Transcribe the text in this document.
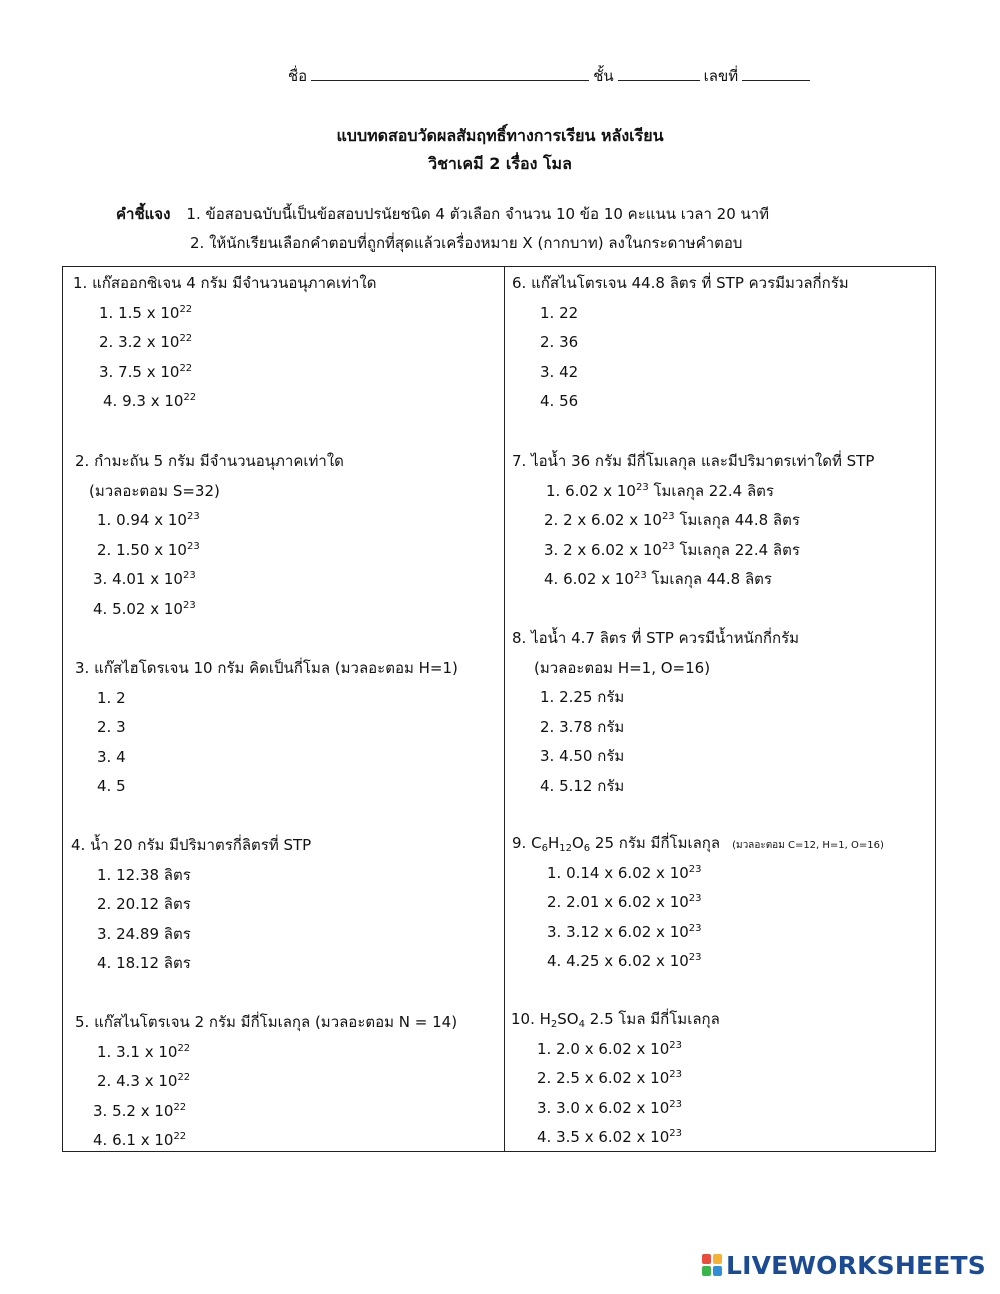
ชื่อ	ชั้น	เลขที่
แบบทดสอบวัดผลสัมฤทธิ์ทางการเรียน หลังเรียน
วิชาเคมี 2 เรื่อง โมล
คำชี้แจง 1. ข้อสอบฉบับนี้เป็นข้อสอบปรนัยชนิด 4 ตัวเลือก จำนวน 10 ข้อ 10 คะแนน เวลา 20 นาที
2. ให้นักเรียนเลือกคำตอบที่ถูกที่สุดแล้วเครื่องหมาย X (กากบาท) ลงในกระดาษคำตอบ
1. แก๊สออกซิเจน 4 กรัม มีจำนวนอนุภาคเท่าใด
1. 1.5 x $10^{22}$
2. 3.2 x $10^{22}$
3. 7.5 x $10^{22}$
4. 9.3 x $10^{22}$
2. กำมะถัน 5 กรัม มีจำนวนอนุภาคเท่าใด
(มวลอะตอม S=32)
1. 0.94 x $10^{23}$
2. 1.50 x $10^{23}$
3. 4.01 x $10^{23}$
4. 5.02 x $10^{23}$
3. แก๊สไฮโดรเจน 10 กรัม คิดเป็นกี่โมล (มวลอะตอม H=1)
1. 2
2. 3
3. 4
4. 5
4. น้ำ 20 กรัม มีปริมาตรกี่ลิตรที่ STP
1. 12.38 ลิตร
2. 20.12 ลิตร
3. 24.89 ลิตร
4. 18.12 ลิตร
5. แก๊สไนโตรเจน 2 กรัม มีกี่โมเลกุล (มวลอะตอม N = 14)
1. 3.1 x $10^{22}$
2. 4.3 x $10^{22}$
3. 5.2 x $10^{22}$
4. 6.1 x $10^{22}$
6. แก๊สไนโตรเจน 44.8 ลิตร ที่ STP ควรมีมวลกี่กรัม
1. 22
2. 36
3. 42
4. 56
7. ไอน้ำ 36 กรัม มีกี่โมเลกุล และมีปริมาตรเท่าใดที่ STP
1. 6.02 x $10^{23}$ โมเลกุล 22.4 ลิตร
2. 2 x 6.02 x $10^{23}$ โมเลกุล 44.8 ลิตร
3. 2 x 6.02 x $10^{23}$ โมเลกุล 22.4 ลิตร
4. 6.02 x $10^{23}$ โมเลกุล 44.8 ลิตร
8. ไอน้ำ 4.7 ลิตร ที่ STP ควรมีน้ำหนักกี่กรัม
(มวลอะตอม H=1, O=16)
1. 2.25 กรัม
2. 3.78 กรัม
3. 4.50 กรัม
4. 5.12 กรัม
9. $C_6H_{12}O_6$ 25 กรัม มีกี่โมเลกุล (มวลอะตอม C=12, H=1, O=16)
1. 0.14 x 6.02 x $10^{23}$
2. 2.01 x 6.02 x $10^{23}$
3. 3.12 x 6.02 x $10^{23}$
4. 4.25 x 6.02 x $10^{23}$
10. $H_2SO_4$ 2.5 โมล มีกี่โมเลกุล
1. 2.0 x 6.02 x $10^{23}$
2. 2.5 x 6.02 x $10^{23}$
3. 3.0 x 6.02 x $10^{23}$
4. 3.5 x 6.02 x $10^{23}$
LIVEWORKSHEETS
